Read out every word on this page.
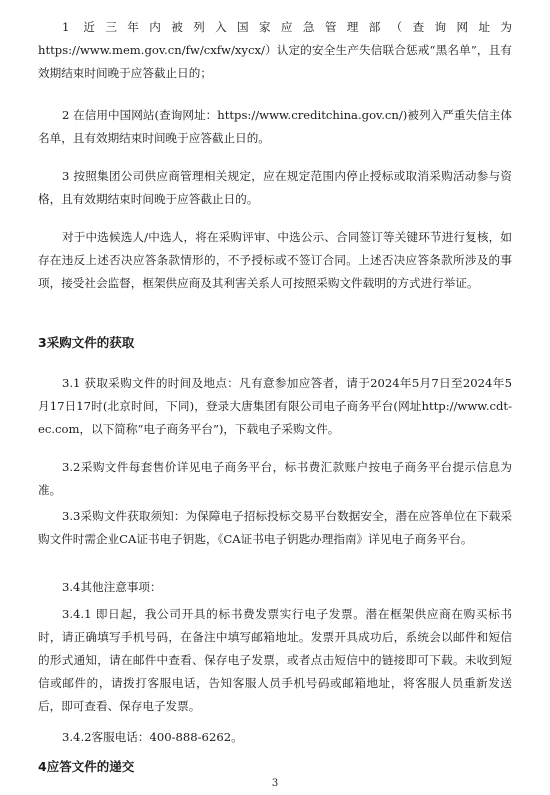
1 近三年内被列入国家应急管理部（查询网址为https://www.mem.gov.cn/fw/cxfw/xycx/）认定的安全生产失信联合惩戒“黑名单”，且有效期结束时间晚于应答截止日的；

2 在信用中国网站(查询网址：https://www.creditchina.gov.cn/)被列入严重失信主体名单，且有效期结束时间晚于应答截止日的。

3 按照集团公司供应商管理相关规定，应在规定范围内停止授标或取消采购活动参与资格，且有效期结束时间晚于应答截止日的。

对于中选候选人/中选人，将在采购评审、中选公示、合同签订等关键环节进行复核，如存在违反上述否决应答条款情形的，不予授标或不签订合同。上述否决应答条款所涉及的事项，接受社会监督，框架供应商及其利害关系人可按照采购文件载明的方式进行举证。

3采购文件的获取

3.1 获取采购文件的时间及地点：凡有意参加应答者，请于2024年5月7日至2024年5月17日17时(北京时间，下同)，登录大唐集团有限公司电子商务平台(网址http://www.cdt-ec.com，以下简称“电子商务平台”)，下载电子采购文件。

3.2采购文件每套售价详见电子商务平台，标书费汇款账户按电子商务平台提示信息为准。

3.3采购文件获取须知：为保障电子招标投标交易平台数据安全，潜在应答单位在下载采购文件时需企业CA证书电子钥匙，《CA证书电子钥匙办理指南》详见电子商务平台。

3.4其他注意事项：

3.4.1 即日起，我公司开具的标书费发票实行电子发票。潜在框架供应商在购买标书时，请正确填写手机号码，在备注中填写邮箱地址。发票开具成功后，系统会以邮件和短信的形式通知，请在邮件中查看、保存电子发票，或者点击短信中的链接即可下载。未收到短信或邮件的，请拨打客服电话，告知客服人员手机号码或邮箱地址，将客服人员重新发送后，即可查看、保存电子发票。

3.4.2客服电话：400-888-6262。

4应答文件的递交
3
